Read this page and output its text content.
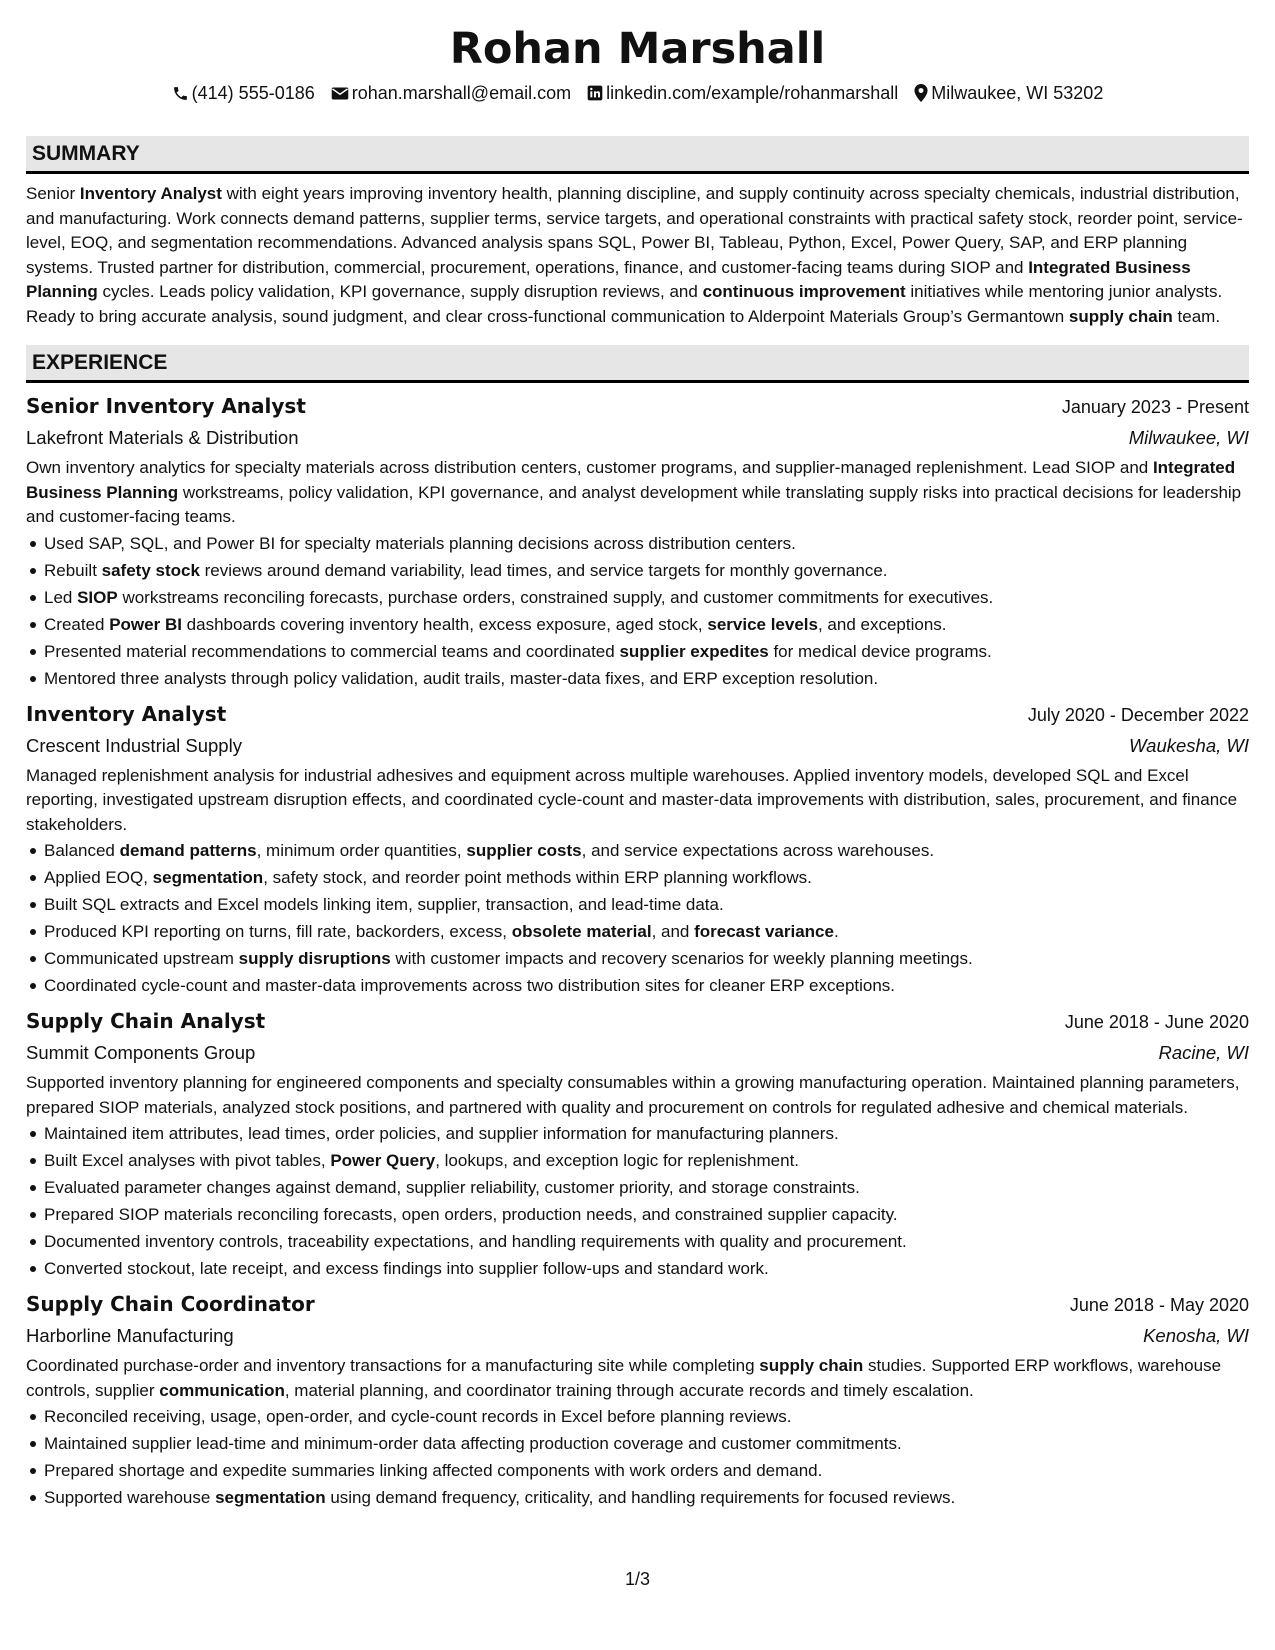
Rohan Marshall
(414) 555-0186 rohan.marshall@email.com linkedin.com/example/rohanmarshall Milwaukee, WI 53202
SUMMARY

Senior Inventory Analyst with eight years improving inventory health, planning discipline, and supply continuity across specialty chemicals, industrial distribution, and manufacturing. Work connects demand patterns, supplier terms, service targets, and operational constraints with practical safety stock, reorder point, service-level, EOQ, and segmentation recommendations. Advanced analysis spans SQL, Power BI, Tableau, Python, Excel, Power Query, SAP, and ERP planning systems. Trusted partner for distribution, commercial, procurement, operations, finance, and customer-facing teams during SIOP and Integrated Business Planning cycles. Leads policy validation, KPI governance, supply disruption reviews, and continuous improvement initiatives while mentoring junior analysts. Ready to bring accurate analysis, sound judgment, and clear cross-functional communication to Alderpoint Materials Group’s Germantown supply chain team.

EXPERIENCE
Senior Inventory Analyst	January 2023 - Present
Lakefront Materials & Distribution	Milwaukee, WI

Own inventory analytics for specialty materials across distribution centers, customer programs, and supplier-managed replenishment. Lead SIOP and Integrated Business Planning workstreams, policy validation, KPI governance, and analyst development while translating supply risks into practical decisions for leadership and customer-facing teams.

Used SAP, SQL, and Power BI for specialty materials planning decisions across distribution centers.
Rebuilt safety stock reviews around demand variability, lead times, and service targets for monthly governance.
Led SIOP workstreams reconciling forecasts, purchase orders, constrained supply, and customer commitments for executives.
Created Power BI dashboards covering inventory health, excess exposure, aged stock, service levels, and exceptions.
Presented material recommendations to commercial teams and coordinated supplier expedites for medical device programs.
Mentored three analysts through policy validation, audit trails, master-data fixes, and ERP exception resolution.
Inventory Analyst	July 2020 - December 2022
Crescent Industrial Supply	Waukesha, WI

Managed replenishment analysis for industrial adhesives and equipment across multiple warehouses. Applied inventory models, developed SQL and Excel reporting, investigated upstream disruption effects, and coordinated cycle-count and master-data improvements with distribution, sales, procurement, and finance stakeholders.

Balanced demand patterns, minimum order quantities, supplier costs, and service expectations across warehouses.
Applied EOQ, segmentation, safety stock, and reorder point methods within ERP planning workflows.
Built SQL extracts and Excel models linking item, supplier, transaction, and lead-time data.
Produced KPI reporting on turns, fill rate, backorders, excess, obsolete material, and forecast variance.
Communicated upstream supply disruptions with customer impacts and recovery scenarios for weekly planning meetings.
Coordinated cycle-count and master-data improvements across two distribution sites for cleaner ERP exceptions.
Supply Chain Analyst	June 2018 - June 2020
Summit Components Group	Racine, WI

Supported inventory planning for engineered components and specialty consumables within a growing manufacturing operation. Maintained planning parameters, prepared SIOP materials, analyzed stock positions, and partnered with quality and procurement on controls for regulated adhesive and chemical materials.

Maintained item attributes, lead times, order policies, and supplier information for manufacturing planners.
Built Excel analyses with pivot tables, Power Query, lookups, and exception logic for replenishment.
Evaluated parameter changes against demand, supplier reliability, customer priority, and storage constraints.
Prepared SIOP materials reconciling forecasts, open orders, production needs, and constrained supplier capacity.
Documented inventory controls, traceability expectations, and handling requirements with quality and procurement.
Converted stockout, late receipt, and excess findings into supplier follow-ups and standard work.
Supply Chain Coordinator	June 2018 - May 2020
Harborline Manufacturing	Kenosha, WI

Coordinated purchase-order and inventory transactions for a manufacturing site while completing supply chain studies. Supported ERP workflows, warehouse controls, supplier communication, material planning, and coordinator training through accurate records and timely escalation.

Reconciled receiving, usage, open-order, and cycle-count records in Excel before planning reviews.
Maintained supplier lead-time and minimum-order data affecting production coverage and customer commitments.
Prepared shortage and expedite summaries linking affected components with work orders and demand.
Supported warehouse segmentation using demand frequency, criticality, and handling requirements for focused reviews.
1/3
